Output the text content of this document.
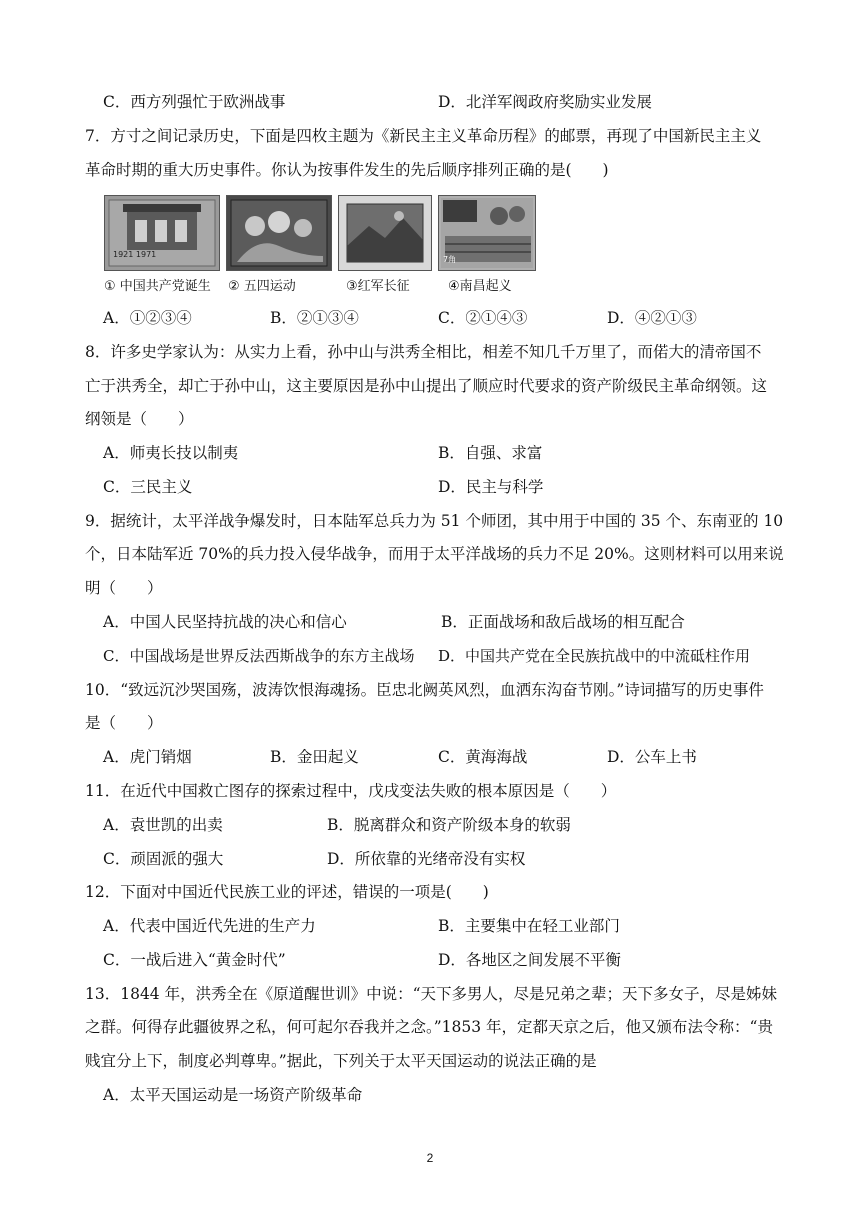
C．西方列强忙于欧洲战事	D．北洋军阀政府奖励实业发展
7．方寸之间记录历史，下面是四枚主题为《新民主主义革命历程》的邮票，再现了中国新民主主义
革命时期的重大历史事件。你认为按事件发生的先后顺序排列正确的是(　　)
1921 1971
7角
① 中国共产党诞生 ② 五四运动	③红军长征	④南昌起义
A．①②③④	B．②①③④	C．②①④③	D．④②①③
8．许多史学家认为：从实力上看，孙中山与洪秀全相比，相差不知几千万里了，而偌大的清帝国不
亡于洪秀全，却亡于孙中山，这主要原因是孙中山提出了顺应时代要求的资产阶级民主革命纲领。这
纲领是（　　）
A．师夷长技以制夷	B．自强、求富
C．三民主义	D．民主与科学
9．据统计，太平洋战争爆发时，日本陆军总兵力为 51 个师团，其中用于中国的 35 个、东南亚的 10
个，日本陆军近 70%的兵力投入侵华战争，而用于太平洋战场的兵力不足 20%。这则材料可以用来说
明（　　）
A．中国人民坚持抗战的决心和信心	B．正面战场和敌后战场的相互配合
C．中国战场是世界反法西斯战争的东方主战场 D．中国共产党在全民族抗战中的中流砥柱作用
10．“致远沉沙哭国殇，波涛饮恨海魂扬。臣忠北阙英风烈，血洒东沟奋节刚。”诗词描写的历史事件
是（　　）
A．虎门销烟	B．金田起义	C．黄海海战	D．公车上书
11．在近代中国救亡图存的探索过程中，戊戌变法失败的根本原因是（　　）
A．袁世凯的出卖	B．脱离群众和资产阶级本身的软弱
C．顽固派的强大	D．所依靠的光绪帝没有实权
12．下面对中国近代民族工业的评述，错误的一项是(　　)
A．代表中国近代先进的生产力	B．主要集中在轻工业部门
C．一战后进入“黄金时代”	D．各地区之间发展不平衡
13．1844 年，洪秀全在《原道醒世训》中说：“天下多男人，尽是兄弟之辈；天下多女子，尽是姊妹
之群。何得存此疆彼界之私，何可起尔吞我并之念。”1853 年，定都天京之后，他又颁布法令称：“贵
贱宜分上下，制度必判尊卑。”据此，下列关于太平天国运动的说法正确的是
A．太平天国运动是一场资产阶级革命
2
